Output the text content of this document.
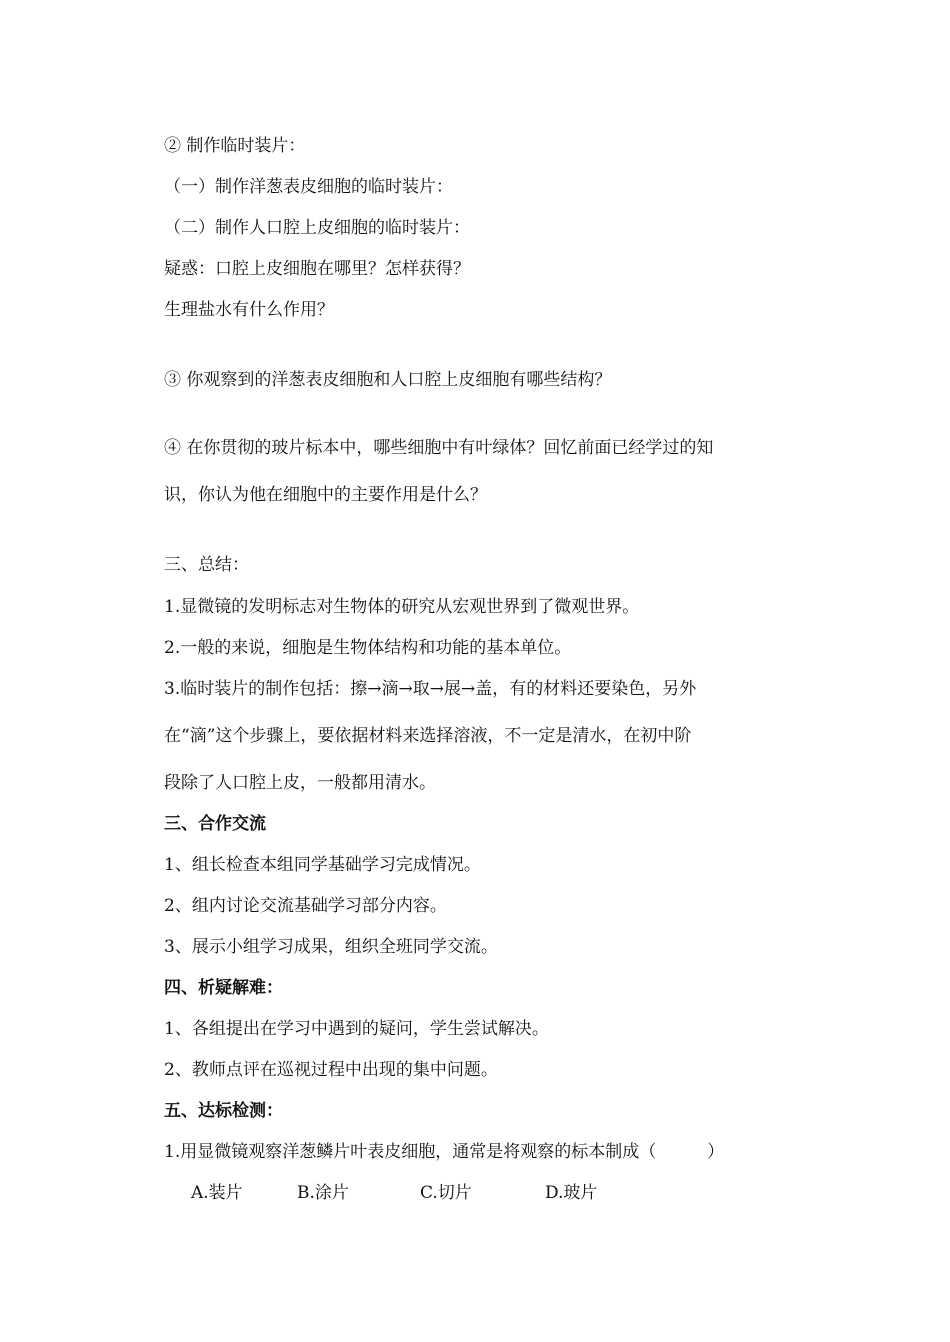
② 制作临时装片：
（一）制作洋葱表皮细胞的临时装片：
（二）制作人口腔上皮细胞的临时装片：
疑惑：口腔上皮细胞在哪里？怎样获得？
生理盐水有什么作用？
③ 你观察到的洋葱表皮细胞和人口腔上皮细胞有哪些结构？
④ 在你贯彻的玻片标本中，哪些细胞中有叶绿体？回忆前面已经学过的知
识，你认为他在细胞中的主要作用是什么？
三、总结：
1.显微镜的发明标志对生物体的研究从宏观世界到了微观世界。
2.一般的来说，细胞是生物体结构和功能的基本单位。
3.临时装片的制作包括：擦→滴→取→展→盖，有的材料还要染色，另外
在“滴”这个步骤上，要依据材料来选择溶液，不一定是清水，在初中阶
段除了人口腔上皮，一般都用清水。
三、合作交流
1、组长检查本组同学基础学习完成情况。
2、组内讨论交流基础学习部分内容。
3、展示小组学习成果，组织全班同学交流。
四、析疑解难：
1、各组提出在学习中遇到的疑问，学生尝试解决。
2、教师点评在巡视过程中出现的集中问题。
五、达标检测：
1.用显微镜观察洋葱鳞片叶表皮细胞，通常是将观察的标本制成（　　　）
A.装片	B.涂片	C.切片	D.玻片
